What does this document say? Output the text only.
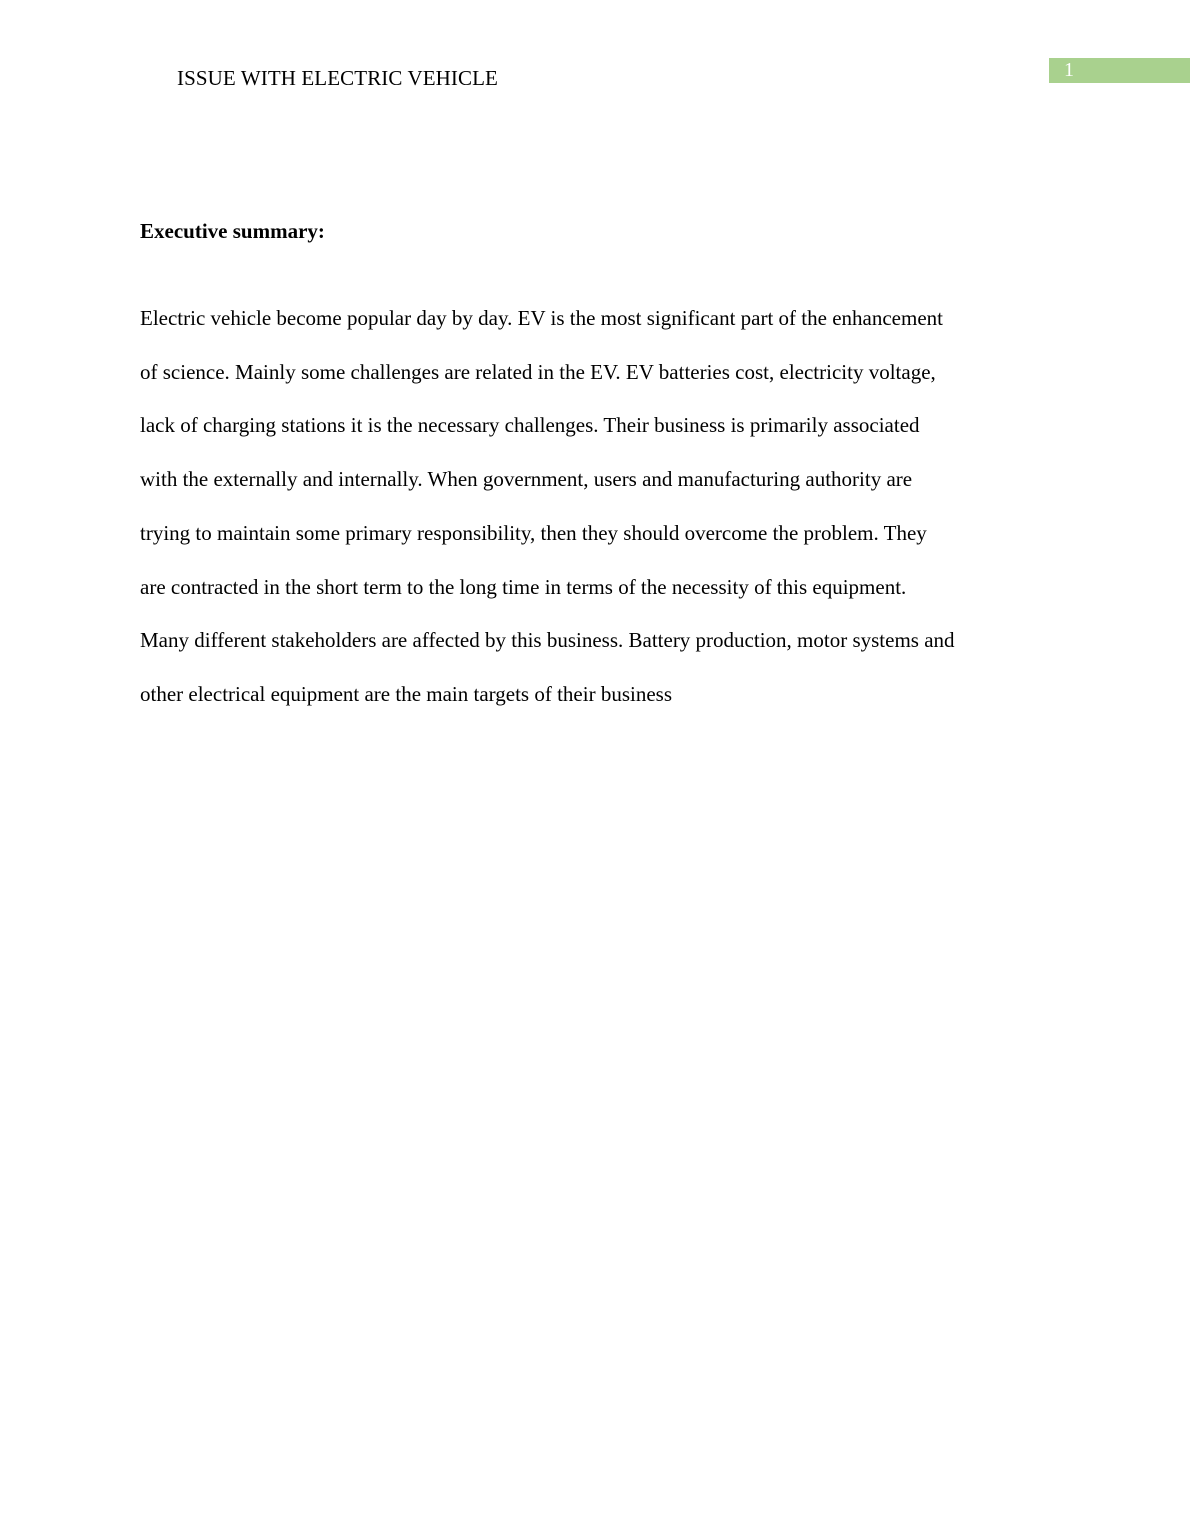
ISSUE WITH ELECTRIC VEHICLE	1
Executive summary:

Electric vehicle become popular day by day. EV is the most significant part of the enhancement
of science. Mainly some challenges are related in the EV. EV batteries cost, electricity voltage,
lack of charging stations it is the necessary challenges. Their business is primarily associated
with the externally and internally. When government, users and manufacturing authority are
trying to maintain some primary responsibility, then they should overcome the problem. They
are contracted in the short term to the long time in terms of the necessity of this equipment.
Many different stakeholders are affected by this business. Battery production, motor systems and
other electrical equipment are the main targets of their business
